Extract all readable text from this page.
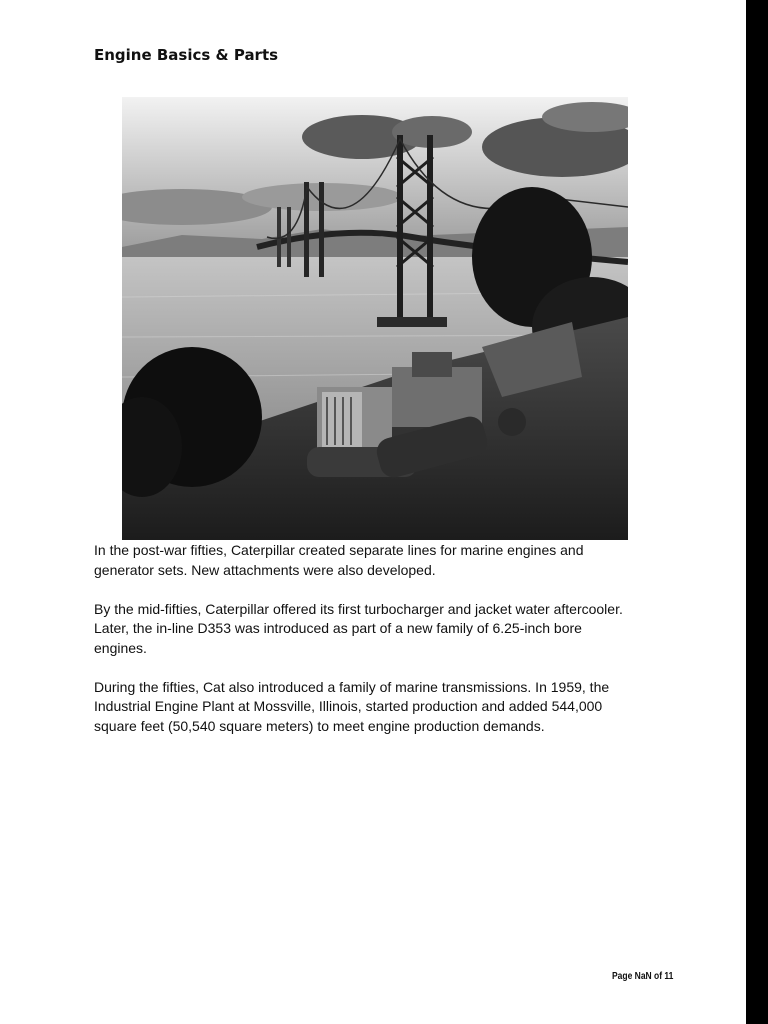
Engine Basics & Parts

In the post-war fifties, Caterpillar created separate lines for marine engines and
generator sets. New attachments were also developed.

By the mid-fifties, Caterpillar offered its first turbocharger and jacket water aftercooler.
Later, the in-line D353 was introduced as part of a new family of 6.25-inch bore
engines.

During the fifties, Cat also introduced a family of marine transmissions. In 1959, the
Industrial Engine Plant at Mossville, Illinois, started production and added 544,000
square feet (50,540 square meters) to meet engine production demands.

Page NaN of 11
